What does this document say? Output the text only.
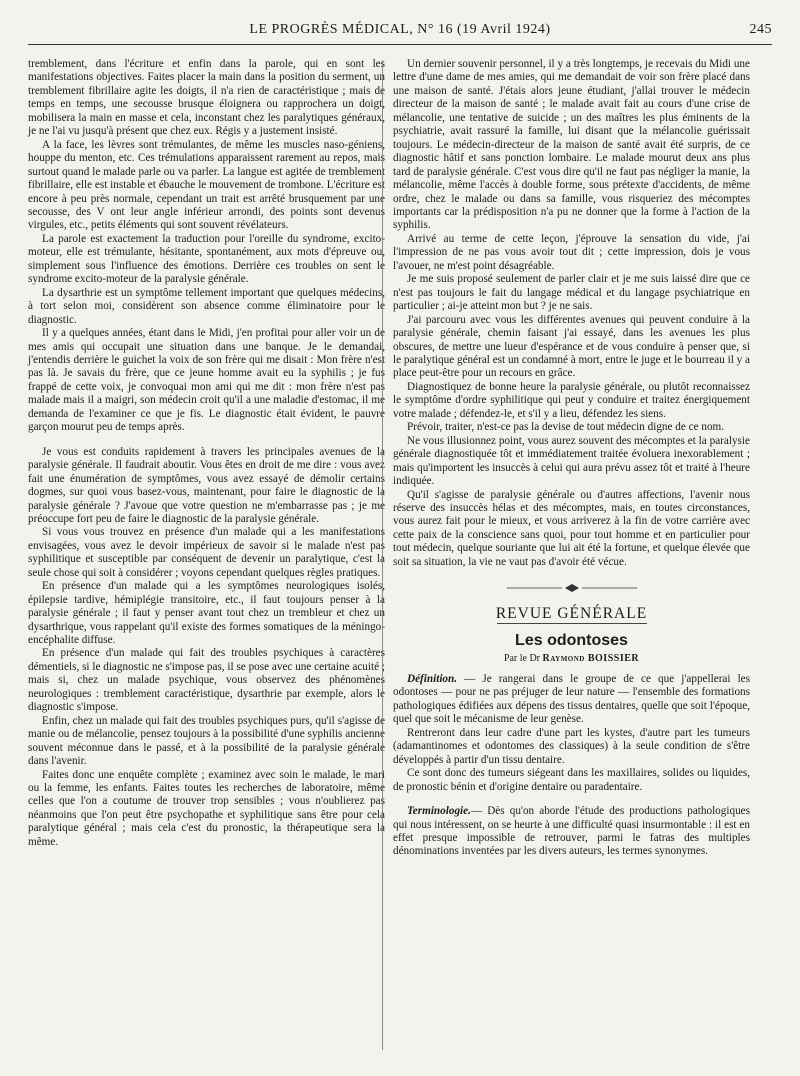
LE PROGRÈS MÉDICAL, N° 16 (19 Avril 1924)	245

tremblement, dans l'écriture et enfin dans la parole, qui en sont les manifestations objectives. Faites placer la main dans la position du serment, un tremblement fibrillaire agite les doigts, il n'a rien de caractéristique ; mais de temps en temps, une secousse brusque éloignera ou rapprochera un doigt, mobilisera la main en masse et cela, inconstant chez les paralytiques généraux, je ne l'ai vu jusqu'à présent que chez eux. Régis y a justement insisté.

A la face, les lèvres sont trémulantes, de même les muscles naso-géniens, houppe du menton, etc. Ces trémulations apparaissent rarement au repos, mais surtout quand le malade parle ou va parler. La langue est agitée de tremblement fibrillaire, elle est instable et ébauche le mouvement de trombone. L'écriture est encore à peu près normale, cependant un trait est arrêté brusquement par une secousse, des V ont leur angle inférieur arrondi, des points sont devenus virgules, etc., petits éléments qui sont souvent révélateurs.

La parole est exactement la traduction pour l'oreille du syndrome, excito-moteur, elle est trémulante, hésitante, spontanément, aux mots d'épreuve ou, simplement sous l'influence des émotions. Derrière ces troubles on sent le syndrome excito-moteur de la paralysie générale.

La dysarthrie est un symptôme tellement important que quelques médecins, à tort selon moi, considèrent son absence comme éliminatoire pour le diagnostic.

Il y a quelques années, étant dans le Midi, j'en profitai pour aller voir un de mes amis qui occupait une situation dans une banque. Je le demandai, j'entendis derrière le guichet la voix de son frère qui me disait : Mon frère n'est pas là. Je savais du frère, que ce jeune homme avait eu la syphilis ; je fus frappé de cette voix, je convoquai mon ami qui me dit : mon frère n'est pas malade mais il a maigri, son médecin croit qu'il a une maladie d'estomac, il me demanda de l'examiner ce que je fis. Le diagnostic était évident, le pauvre garçon mourut peu de temps après.

Je vous est conduits rapidement à travers les principales avenues de la paralysie générale. Il faudrait aboutir. Vous êtes en droit de me dire : vous avez fait une énumération de symptômes, vous avez essayé de démolir certains dogmes, sur quoi vous basez-vous, maintenant, pour faire le diagnostic de la paralysie générale ? J'avoue que votre question ne m'embarrasse pas ; je me préoccupe fort peu de faire le diagnostic de la paralysie générale.

Si vous vous trouvez en présence d'un malade qui a les manifestations envisagées, vous avez le devoir impérieux de savoir si le malade n'est pas syphilitique et susceptible par conséquent de devenir un paralytique, c'est la seule chose qui soit à considérer ; voyons cependant quelques règles pratiques.

En présence d'un malade qui a les symptômes neurologiques isolés, épilepsie tardive, hémiplégie transitoire, etc., il faut toujours penser à la paralysie générale ; il faut y penser avant tout chez un trembleur et chez un dysarthrique, vous rappelant qu'il existe des formes somatiques de la méningo-encéphalite diffuse.

En présence d'un malade qui fait des troubles psychiques à caractères démentiels, si le diagnostic ne s'impose pas, il se pose avec une certaine acuité ; mais si, chez un malade psychique, vous observez des phénomènes neurologiques : tremblement caractéristique, dysarthrie par exemple, alors le diagnostic s'impose.

Enfin, chez un malade qui fait des troubles psychiques purs, qu'il s'agisse de manie ou de mélancolie, pensez toujours à la possibilité d'une syphilis ancienne souvent méconnue dans le passé, et à la possibilité de la paralysie générale dans l'avenir.

Faites donc une enquête complète ; examinez avec soin le malade, le mari ou la femme, les enfants. Faites toutes les recherches de laboratoire, même celles que l'on a coutume de trouver trop sensibles ; vous n'oublierez pas néanmoins que l'on peut être psychopathe et syphilitique sans être pour cela paralytique général ; mais cela c'est du pronostic, la thérapeutique sera la même.

Un dernier souvenir personnel, il y a très longtemps, je recevais du Midi une lettre d'une dame de mes amies, qui me demandait de voir son frère placé dans une maison de santé. J'étais alors jeune étudiant, j'allai trouver le médecin directeur de la maison de santé ; le malade avait fait au cours d'une crise de mélancolie, une tentative de suicide ; un des maîtres les plus éminents de la psychiatrie, avait rassuré la famille, lui disant que la mélancolie guérissait toujours. Le médecin-directeur de la maison de santé avait été surpris, de ce diagnostic hâtif et sans ponction lombaire. Le malade mourut deux ans plus tard de paralysie générale. C'est vous dire qu'il ne faut pas négliger la manie, la mélancolie, même l'accès à double forme, sous prétexte d'accidents, de même ordre, chez le malade ou dans sa famille, vous risqueriez des mécomptes importants car la prédisposition n'a pu ne donner que la forme à l'action de la syphilis.

Arrivé au terme de cette leçon, j'éprouve la sensation du vide, j'ai l'impression de ne pas vous avoir tout dit ; cette impression, dois je vous l'avouer, ne m'est point désagréable.

Je me suis proposé seulement de parler clair et je me suis laissé dire que ce n'est pas toujours le fait du langage médical et du langage psychiatrique en particulier ; ai-je atteint mon but ? je ne sais.

J'ai parcouru avec vous les différentes avenues qui peuvent conduire à la paralysie générale, chemin faisant j'ai essayé, dans les avenues les plus obscures, de mettre une lueur d'espérance et de vous conduire à penser que, si le paralytique général est un condamné à mort, entre le juge et le bourreau il y a place peut-être pour un recours en grâce.

Diagnostiquez de bonne heure la paralysie générale, ou plutôt reconnaissez le symptôme d'ordre syphilitique qui peut y conduire et traitez énergiquement votre malade ; défendez-le, et s'il y a lieu, défendez les siens.

Prévoir, traiter, n'est-ce pas la devise de tout médecin digne de ce nom.

Ne vous illusionnez point, vous aurez souvent des mécomptes et la paralysie générale diagnostiquée tôt et immédiatement traitée évoluera inexorablement ; mais qu'importent les insuccès à celui qui aura prévu assez tôt et traité à l'heure indiquée.

Qu'il s'agisse de paralysie générale ou d'autres affections, l'avenir nous réserve des insuccès hélas et des mécomptes, mais, en toutes circonstances, vous aurez fait pour le mieux, et vous arriverez à la fin de votre carrière avec cette paix de la conscience sans quoi, pour tout homme et en particulier pour tout médecin, quelque souriante que lui ait été la fortune, et quelque élevée que soit sa situation, la vie ne vaut pas d'avoir été vécue.

REVUE GÉNÉRALE
Les odontoses
Par le Dr Raymond BOISSIER

Définition. — Je rangerai dans le groupe de ce que j'appellerai les odontoses — pour ne pas préjuger de leur nature — l'ensemble des formations pathologiques édifiées aux dépens des tissus dentaires, quelle que soit l'époque, quel que soit le mécanisme de leur genèse.

Rentreront dans leur cadre d'une part les kystes, d'autre part les tumeurs (adamantinomes et odontomes des classiques) à la seule condition de s'être développés à partir d'un tissu dentaire.

Ce sont donc des tumeurs siégeant dans les maxillaires, solides ou liquides, de pronostic bénin et d'origine dentaire ou paradentaire.

Terminologie.— Dès qu'on aborde l'étude des productions pathologiques qui nous intéressent, on se heurte à une difficulté quasi insurmontable : il est en effet presque impossible de retrouver, parmi le fatras des multiples dénominations inventées par les divers auteurs, les termes synonymes.
